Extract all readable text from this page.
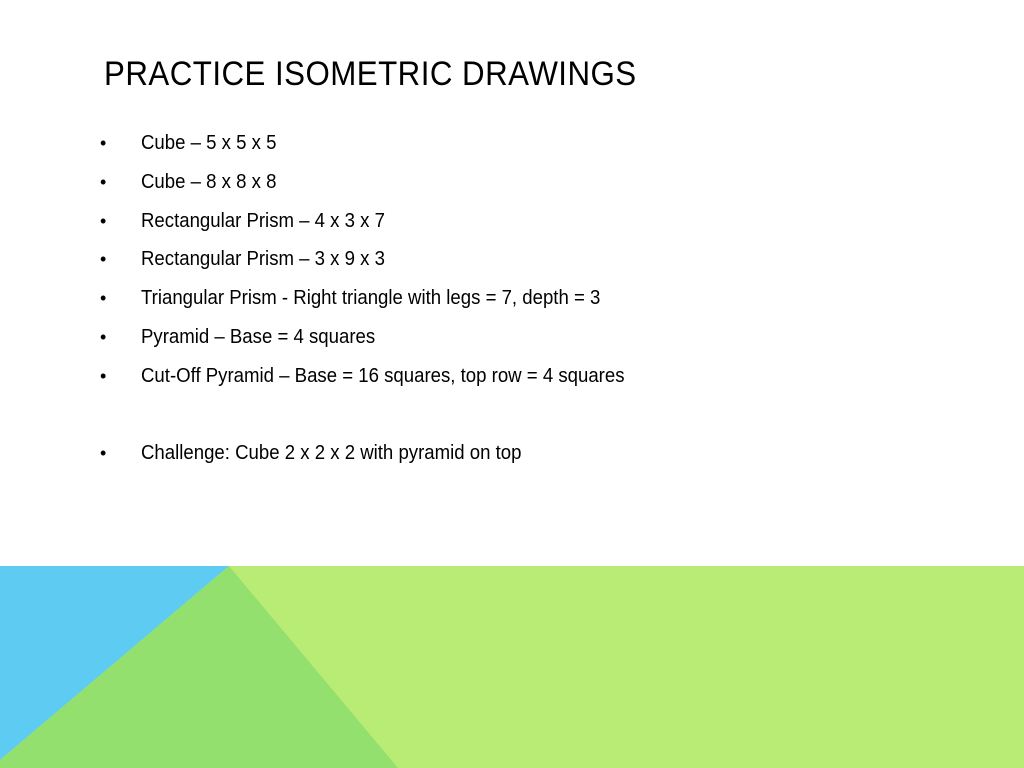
PRACTICE ISOMETRIC DRAWINGS
•	Cube – 5 x 5 x 5
•	Cube – 8 x 8 x 8
•	Rectangular Prism – 4 x 3 x 7
•	Rectangular Prism – 3 x 9 x 3
•	Triangular Prism - Right triangle with legs = 7, depth = 3
•	Pyramid – Base = 4 squares
•	Cut-Off Pyramid – Base = 16 squares, top row = 4 squares
•	Challenge: Cube 2 x 2 x 2 with pyramid on top
